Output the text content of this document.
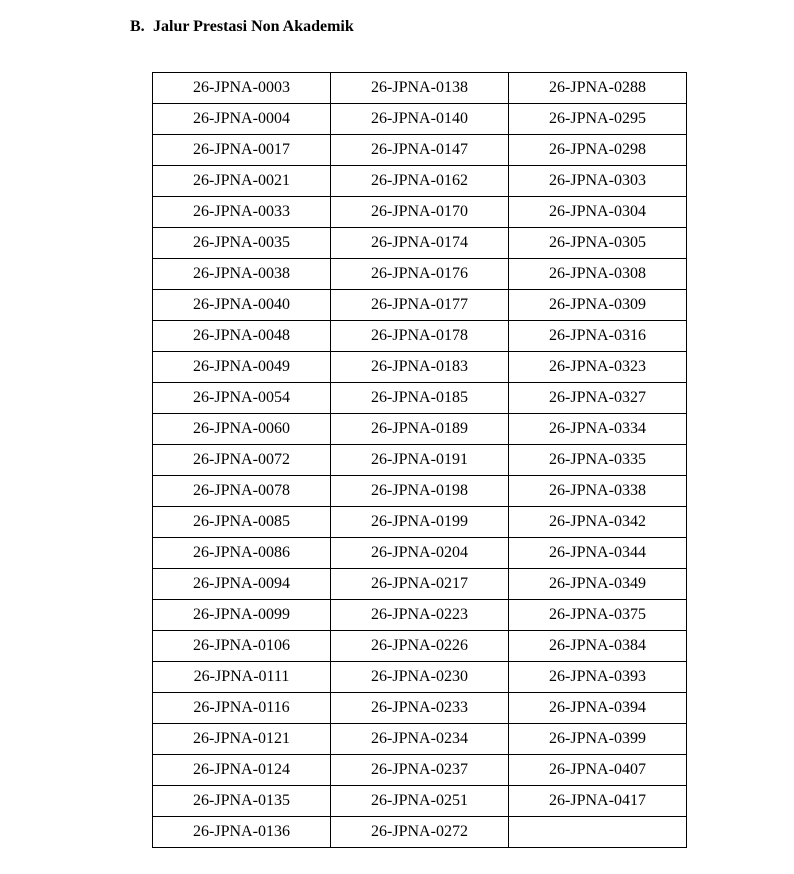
B. Jalur Prestasi Non Akademik
26-JPNA-0003	26-JPNA-0138	26-JPNA-0288
26-JPNA-0004	26-JPNA-0140	26-JPNA-0295
26-JPNA-0017	26-JPNA-0147	26-JPNA-0298
26-JPNA-0021	26-JPNA-0162	26-JPNA-0303
26-JPNA-0033	26-JPNA-0170	26-JPNA-0304
26-JPNA-0035	26-JPNA-0174	26-JPNA-0305
26-JPNA-0038	26-JPNA-0176	26-JPNA-0308
26-JPNA-0040	26-JPNA-0177	26-JPNA-0309
26-JPNA-0048	26-JPNA-0178	26-JPNA-0316
26-JPNA-0049	26-JPNA-0183	26-JPNA-0323
26-JPNA-0054	26-JPNA-0185	26-JPNA-0327
26-JPNA-0060	26-JPNA-0189	26-JPNA-0334
26-JPNA-0072	26-JPNA-0191	26-JPNA-0335
26-JPNA-0078	26-JPNA-0198	26-JPNA-0338
26-JPNA-0085	26-JPNA-0199	26-JPNA-0342
26-JPNA-0086	26-JPNA-0204	26-JPNA-0344
26-JPNA-0094	26-JPNA-0217	26-JPNA-0349
26-JPNA-0099	26-JPNA-0223	26-JPNA-0375
26-JPNA-0106	26-JPNA-0226	26-JPNA-0384
26-JPNA-0111	26-JPNA-0230	26-JPNA-0393
26-JPNA-0116	26-JPNA-0233	26-JPNA-0394
26-JPNA-0121	26-JPNA-0234	26-JPNA-0399
26-JPNA-0124	26-JPNA-0237	26-JPNA-0407
26-JPNA-0135	26-JPNA-0251	26-JPNA-0417
26-JPNA-0136	26-JPNA-0272	
